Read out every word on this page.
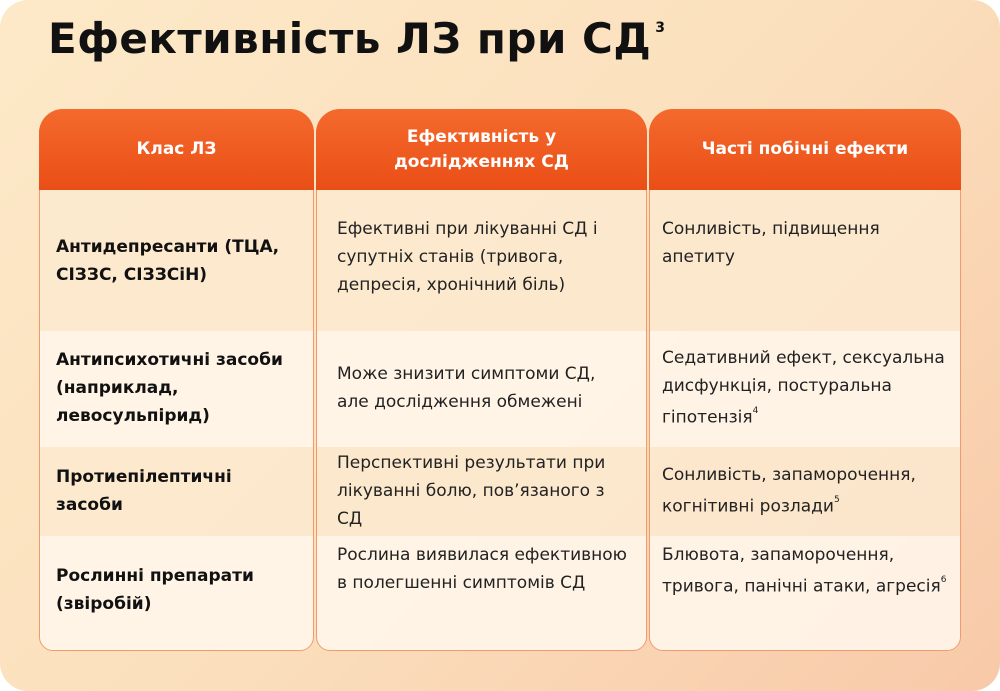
Ефективність ЛЗ при СД $^3$
Клас ЛЗ
Ефективність у дослідженнях СД
Часті побічні ефекти
Антидепресанти (ТЦА, СІЗЗС, СІЗЗСіН)
Ефективні при лікуванні СД і супутніх станів (тривога, депресія, хронічний біль)
Сонливість, підвищення апетиту
Антипсихотичні засоби (наприклад, левосульпірид)
Може знизити симптоми СД, але дослідження обмежені
Седативний ефект, сексуальна дисфункція, постуральна гіпотензія$^4$
Протиепілептичні засоби
Перспективні результати при лікуванні болю, пов’язаного з СД
Сонливість, запаморочення, когнітивні розлади$^5$
Рослинні препарати (звіробій)
Рослина виявилася ефективною в полегшенні симптомів СД
Блювота, запаморочення, тривога, панічні атаки, агресія$^6$
